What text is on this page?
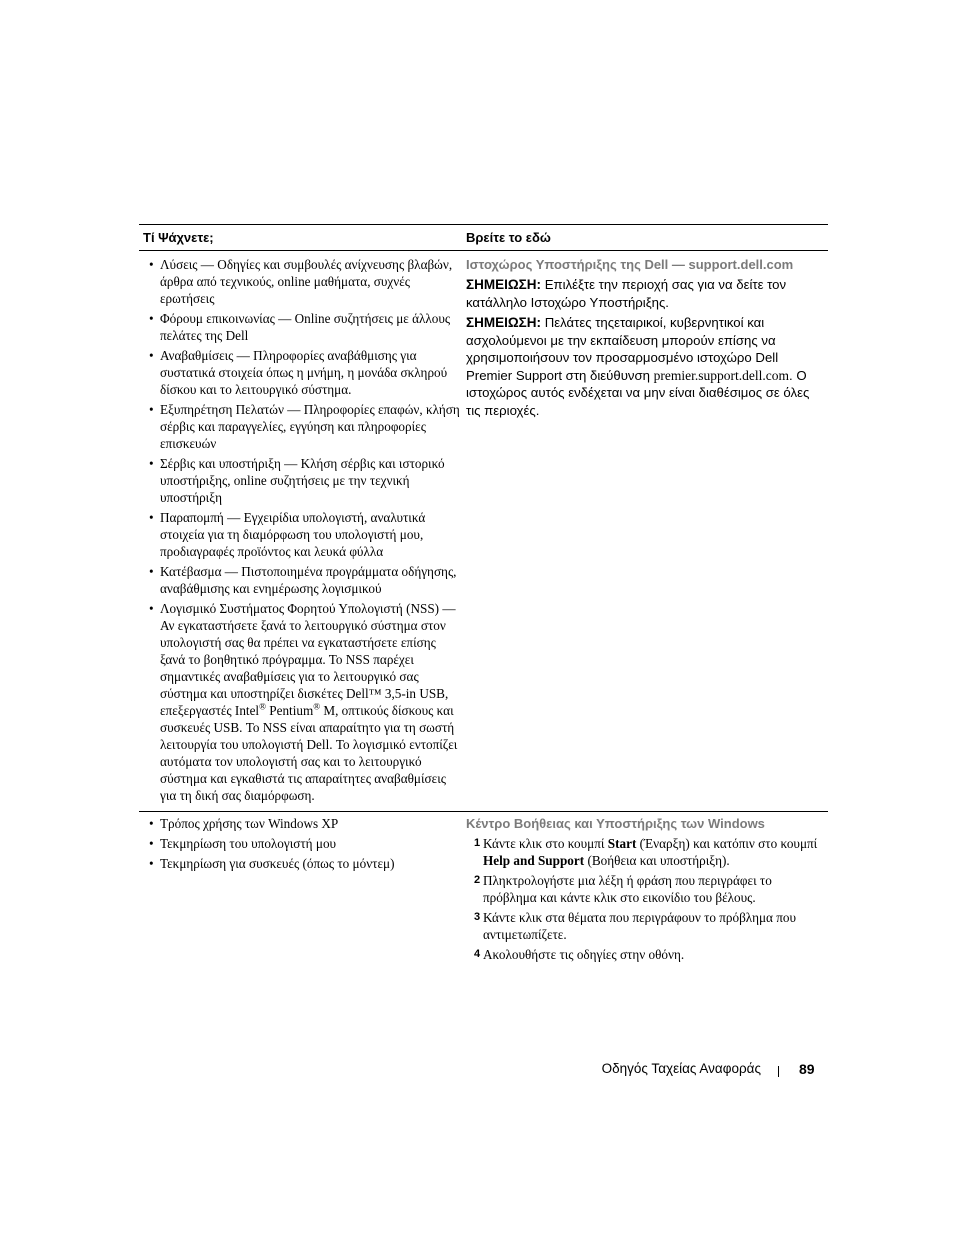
Τί Ψάχνετε;	Βρείτε το εδώ
• Λύσεις — Οδηγίες και συμβουλές ανίχνευσης βλαβών, άρθρα από τεχνικούς, online μαθήματα, συχνές ερωτήσεις
• Φόρουμ επικοινωνίας — Online συζητήσεις με άλλους πελάτες της Dell
• Αναβαθμίσεις — Πληροφορίες αναβάθμισης για συστατικά στοιχεία όπως η μνήμη, η μονάδα σκληρού δίσκου και το λειτουργικό σύστημα.
• Εξυπηρέτηση Πελατών — Πληροφορίες επαφών, κλήση σέρβις και παραγγελίες, εγγύηση και πληροφορίες επισκευών
• Σέρβις και υποστήριξη — Κλήση σέρβις και ιστορικό υποστήριξης, online συζητήσεις με την τεχνική υποστήριξη
• Παραπομπή — Εγχειρίδια υπολογιστή, αναλυτικά στοιχεία για τη διαμόρφωση του υπολογιστή μου, προδιαγραφές προϊόντος και λευκά φύλλα
• Κατέβασμα — Πιστοποιημένα προγράμματα οδήγησης, αναβάθμισης και ενημέρωσης λογισμικού
• Λογισμικό Συστήματος Φορητού Υπολογιστή (NSS) — Αν εγκαταστήσετε ξανά το λειτουργικό σύστημα στον υπολογιστή σας θα πρέπει να εγκαταστήσετε επίσης ξανά το βοηθητικό πρόγραμμα. Το NSS παρέχει σημαντικές αναβαθμίσεις για το λειτουργικό σας σύστημα και υποστηρίζει δισκέτες Dell™ 3,5-in USB, επεξεργαστές Intel® Pentium® M, οπτικούς δίσκους και συσκευές USB. Το NSS είναι απαραίτητο για τη σωστή λειτουργία του υπολογιστή Dell. Το λογισμικό εντοπίζει αυτόματα τον υπολογιστή σας και το λειτουργικό σύστημα και εγκαθιστά τις απαραίτητες αναβαθμίσεις για τη δική σας διαμόρφωση.
Ιστοχώρος Υποστήριξης της Dell — support.dell.com
ΣΗΜΕΙΩΣΗ: Επιλέξτε την περιοχή σας για να δείτε τον κατάλληλο Ιστοχώρο Υποστήριξης.
ΣΗΜΕΙΩΣΗ: Πελάτες τηςεταιρικοί, κυβερνητικοί και ασχολούμενοι με την εκπαίδευση μπορούν επίσης να χρησιμοποιήσουν τον προσαρμοσμένο ιστοχώρο Dell Premier Support στη διεύθυνση premier.support.dell.com. Ο ιστοχώρος αυτός ενδέχεται να μην είναι διαθέσιμος σε όλες τις περιοχές.
• Τρόπος χρήσης των Windows XP
• Τεκμηρίωση του υπολογιστή μου
• Τεκμηρίωση για συσκευές (όπως το μόντεμ)
Κέντρο Βοήθειας και Υποστήριξης των Windows
1 Κάντε κλικ στο κουμπί Start (Έναρξη) και κατόπιν στο κουμπί Help and Support (Βοήθεια και υποστήριξη).
2 Πληκτρολογήστε μια λέξη ή φράση που περιγράφει το πρόβλημα και κάντε κλικ στο εικονίδιο του βέλους.
3 Κάντε κλικ στα θέματα που περιγράφουν το πρόβλημα που αντιμετωπίζετε.
4 Ακολουθήστε τις οδηγίες στην οθόνη.
Οδηγός Ταχείας Αναφοράς	89
